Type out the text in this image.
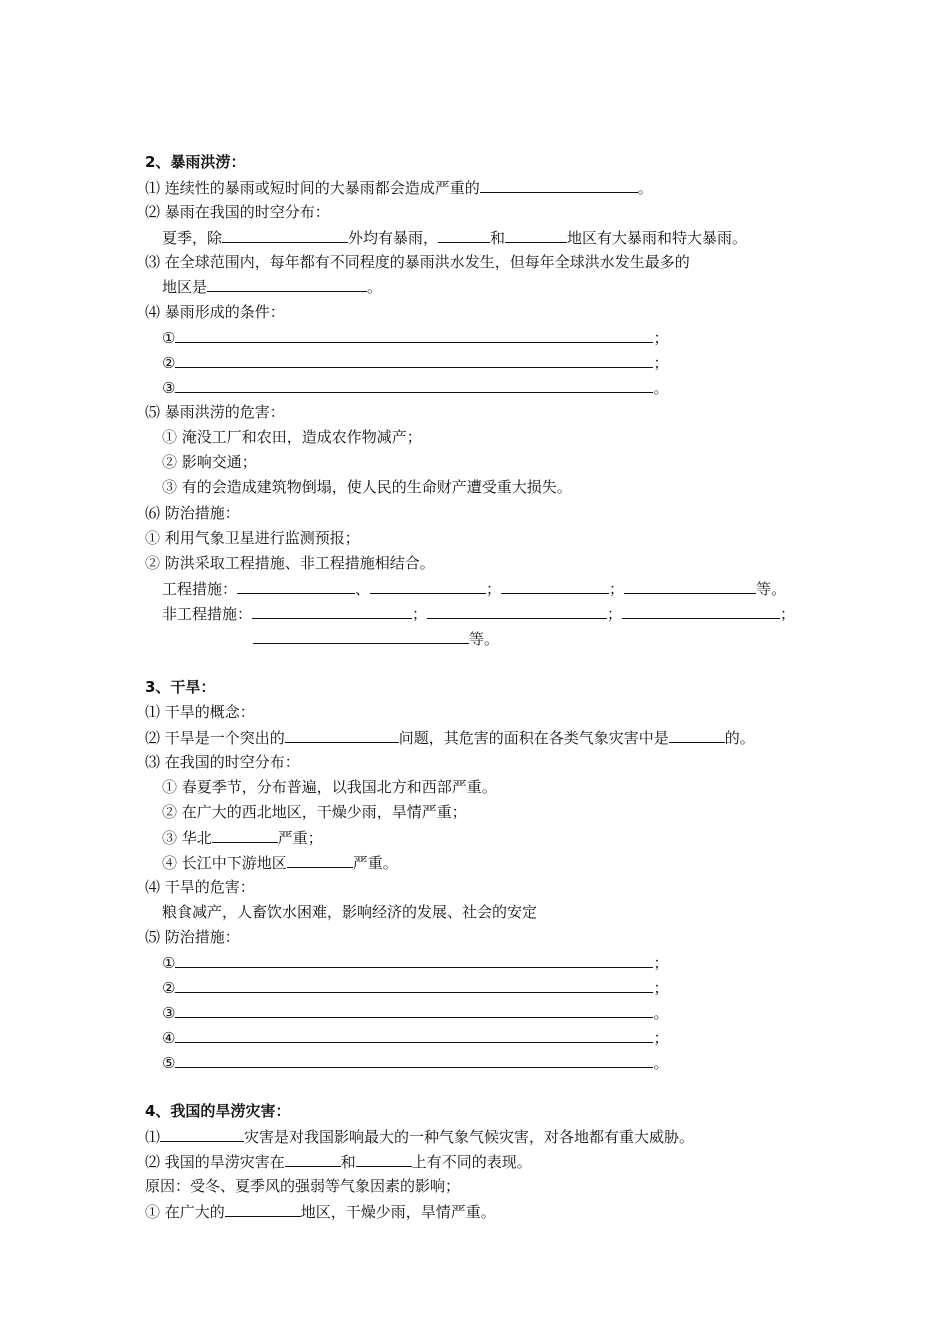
2、暴雨洪涝：
⑴ 连续性的暴雨或短时间的大暴雨都会造成严重的	。
⑵ 暴雨在我国的时空分布：
夏季，除	外均有暴雨，	和	地区有大暴雨和特大暴雨。
⑶ 在全球范围内，每年都有不同程度的暴雨洪水发生，但每年全球洪水发生最多的
地区是	。
⑷ 暴雨形成的条件：
①	；
②	；
③	。
⑸ 暴雨洪涝的危害：
① 淹没工厂和农田，造成农作物减产；
② 影响交通；
③ 有的会造成建筑物倒塌，使人民的生命财产遭受重大损失。
⑹ 防治措施：
① 利用气象卫星进行监测预报；
② 防洪采取工程措施、非工程措施相结合。
工程措施：	、	；	；	等。
非工程措施：	；	；	；
等。
3、干旱：
⑴ 干旱的概念：
⑵ 干旱是一个突出的	问题，其危害的面积在各类气象灾害中是	的。
⑶ 在我国的时空分布：
① 春夏季节，分布普遍，以我国北方和西部严重。
② 在广大的西北地区，干燥少雨，旱情严重；
③ 华北	严重；
④ 长江中下游地区	严重。
⑷ 干旱的危害：
粮食减产，人畜饮水困难，影响经济的发展、社会的安定
⑸ 防治措施：
①	；
②	；
③	。
④	；
⑤	。
4、我国的旱涝灾害：
⑴	灾害是对我国影响最大的一种气象气候灾害，对各地都有重大威胁。
⑵ 我国的旱涝灾害在	和	上有不同的表现。
原因：受冬、夏季风的强弱等气象因素的影响；
① 在广大的	地区，干燥少雨，旱情严重。
